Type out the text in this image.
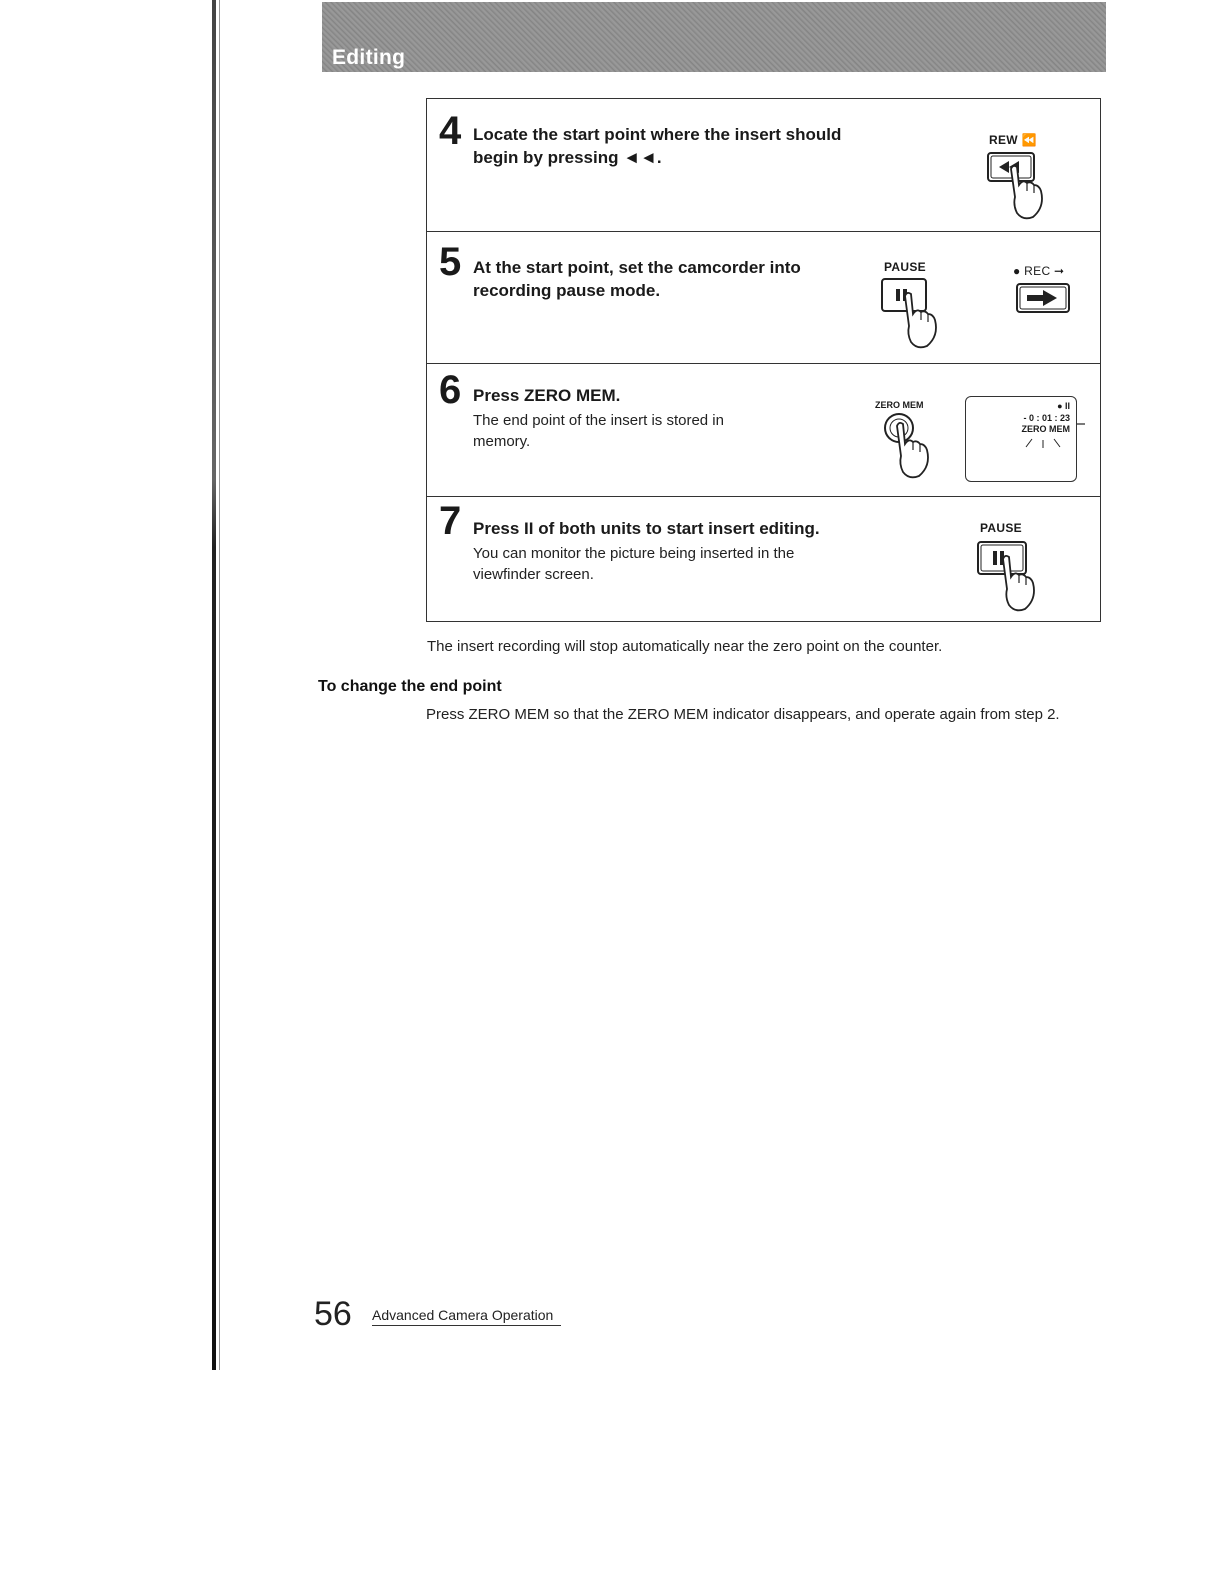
Editing
4 Locate the start point where the insert should begin by pressing ◄◄.
REW ⏪
5 At the start point, set the camcorder into recording pause mode.
PAUSE	● REC ➞
6 Press ZERO MEM.
The end point of the insert is stored in memory.
ZERO MEM	● II
- 0 : 01 : 23
ZERO MEM
7 Press II of both units to start insert editing.
You can monitor the picture being inserted in the viewfinder screen.
PAUSE
The insert recording will stop automatically near the zero point on the counter.
To change the end point
Press ZERO MEM so that the ZERO MEM indicator disappears, and operate again from step 2.
56 Advanced Camera Operation
